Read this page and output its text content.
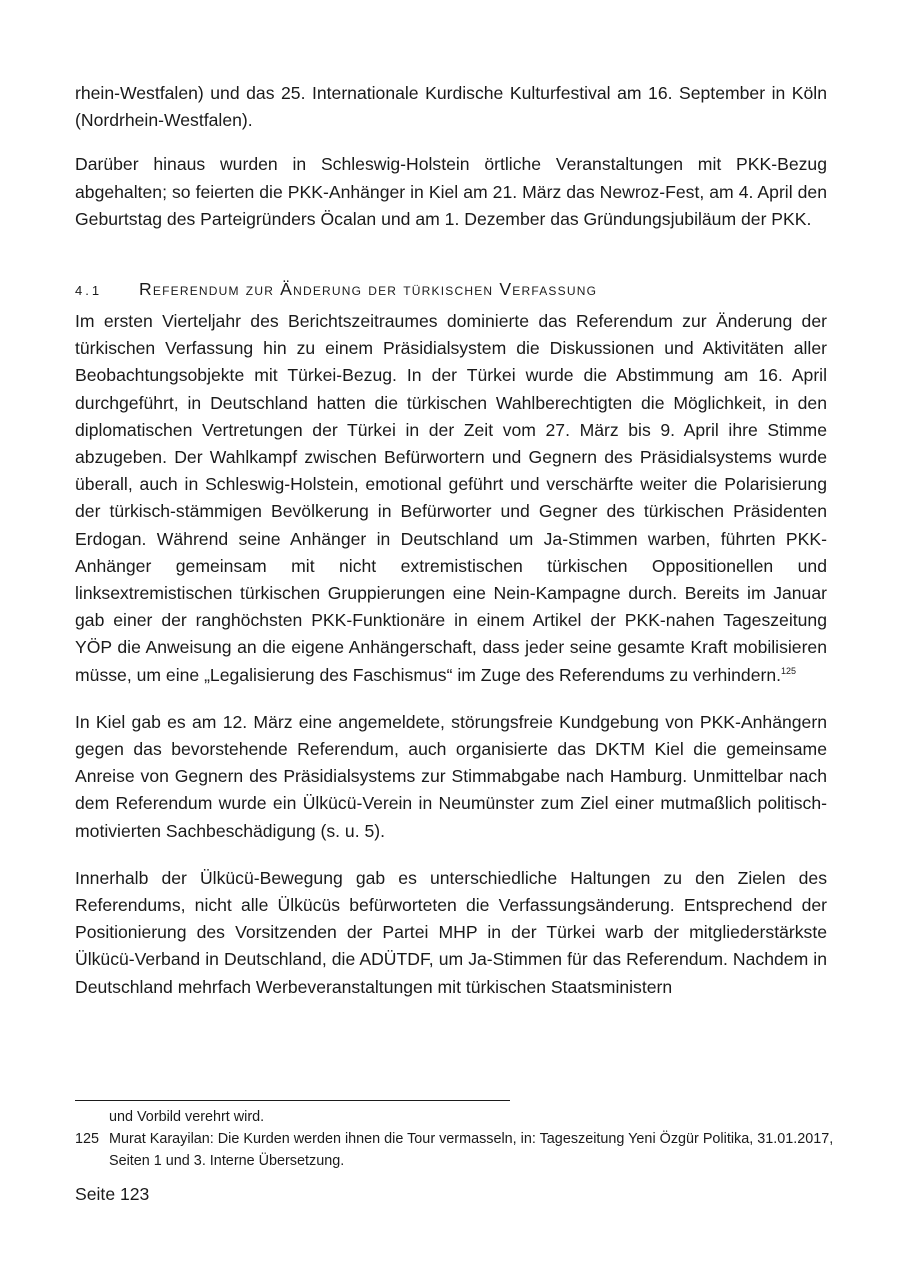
rhein-Westfalen) und das 25. Internationale Kurdische Kulturfestival am 16. September in Köln (Nordrhein-Westfalen).

Darüber hinaus wurden in Schleswig-Holstein örtliche Veranstaltungen mit PKK-Bezug abgehalten; so feierten die PKK-Anhänger in Kiel am 21. März das Newroz-Fest, am 4. April den Geburtstag des Parteigründers Öcalan und am 1. Dezember das Gründungsjubiläum der PKK.

4.1	Referendum zur Änderung der türkischen Verfassung

Im ersten Vierteljahr des Berichtszeitraumes dominierte das Referendum zur Änderung der türkischen Verfassung hin zu einem Präsidialsystem die Diskussionen und Aktivitäten aller Beobachtungsobjekte mit Türkei-Bezug. In der Türkei wurde die Abstimmung am 16. April durchgeführt, in Deutschland hatten die türkischen Wahlberechtigten die Möglichkeit, in den diplomatischen Vertretungen der Türkei in der Zeit vom 27. März bis 9. April ihre Stimme abzugeben. Der Wahlkampf zwischen Befürwortern und Gegnern des Präsidialsystems wurde überall, auch in Schleswig-Holstein, emotional geführt und verschärfte weiter die Polarisierung der türkisch-stämmigen Bevölkerung in Befürworter und Gegner des türkischen Präsidenten Erdogan. Während seine Anhänger in Deutschland um Ja-Stimmen warben, führten PKK-Anhänger gemeinsam mit nicht extremistischen türkischen Oppositionellen und linksextremistischen türkischen Gruppierungen eine Nein-Kampagne durch. Bereits im Januar gab einer der ranghöchsten PKK-Funktionäre in einem Artikel der PKK-nahen Tageszeitung YÖP die Anweisung an die eigene Anhängerschaft, dass jeder seine gesamte Kraft mobilisieren müsse, um eine „Legalisierung des Faschismus“ im Zuge des Referendums zu verhindern.$^{125}$

In Kiel gab es am 12. März eine angemeldete, störungsfreie Kundgebung von PKK-Anhängern gegen das bevorstehende Referendum, auch organisierte das DKTM Kiel die gemeinsame Anreise von Gegnern des Präsidialsystems zur Stimmabgabe nach Hamburg. Unmittelbar nach dem Referendum wurde ein Ülkücü-Verein in Neumünster zum Ziel einer mutmaßlich politisch-motivierten Sachbeschädigung (s. u. 5).

Innerhalb der Ülkücü-Bewegung gab es unterschiedliche Haltungen zu den Zielen des Referendums, nicht alle Ülkücüs befürworteten die Verfassungsänderung. Entsprechend der Positionierung des Vorsitzenden der Partei MHP in der Türkei warb der mitgliederstärkste Ülkücü-Verband in Deutschland, die ADÜTDF, um Ja-Stimmen für das Referendum. Nachdem in Deutschland mehrfach Werbeveranstaltungen mit türkischen Staatsministern

und Vorbild verehrt wird.
125 Murat Karayilan: Die Kurden werden ihnen die Tour vermasseln, in: Tageszeitung Yeni Özgür Politika, 31.01.2017, Seiten 1 und 3. Interne Übersetzung.
Seite 123
